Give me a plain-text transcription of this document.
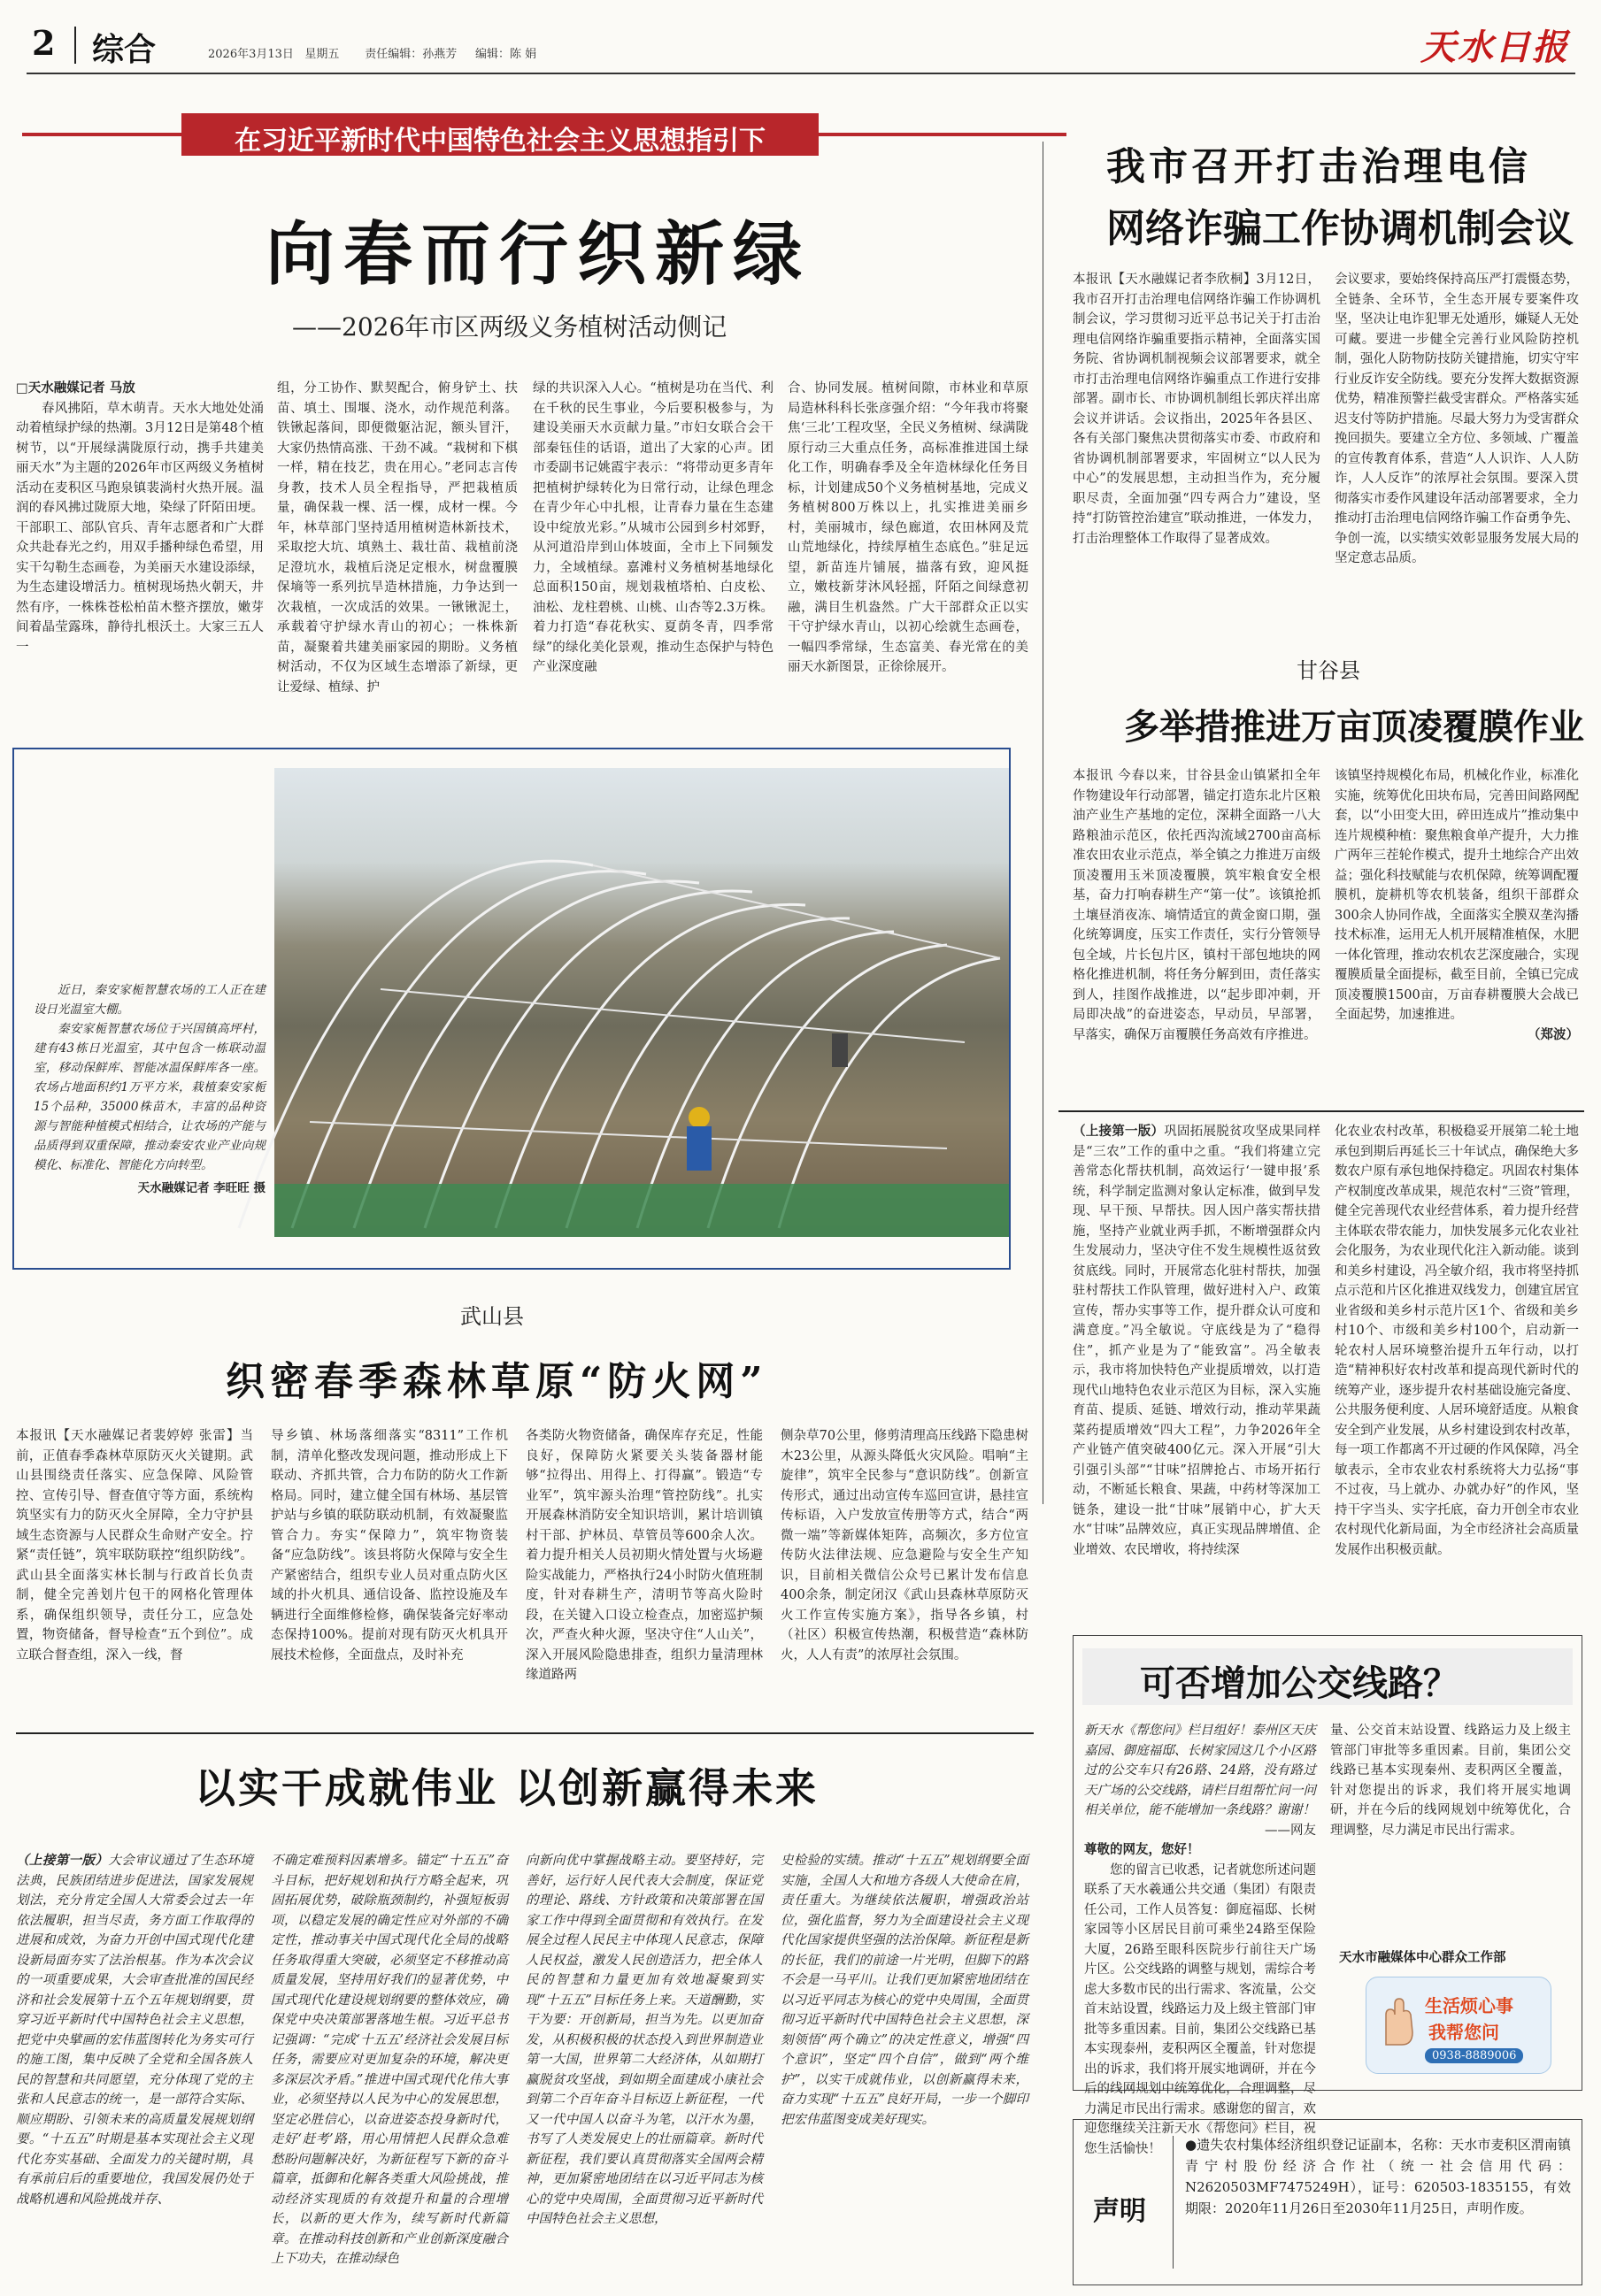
2 综合	2026年3月13日 星期五 责任编辑：孙燕芳 编辑：陈 娟	天水日报
在习近平新时代中国特色社会主义思想指引下
向春而行织新绿
——2026年市区两级义务植树活动侧记

□天水融媒记者 马放

春风拂陌，草木萌青。天水大地处处涌动着植绿护绿的热潮。3月12日是第48个植树节，以“开展绿满陇原行动，携手共建美丽天水”为主题的2026年市区两级义务植树活动在麦积区马跑泉镇裴淌村火热开展。温润的春风拂过陇原大地，染绿了阡陌田埂。干部职工、部队官兵、青年志愿者和广大群众共赴春光之约，用双手播种绿色希望，用实干勾勒生态画卷，为美丽天水建设添绿，为生态建设增活力。植树现场热火朝天，井然有序，一株株苍松柏苗木整齐摆放，嫩芽间着晶莹露珠，静待扎根沃土。大家三五人一

组，分工协作、默契配合，俯身铲土、扶苗、填土、围堰、浇水，动作规范利落。铁锹起落间，即便微躯沾泥，额头冒汗，大家仍热情高涨、干劲不减。“栽树和下棋一样，精在技艺，贵在用心。”老同志言传身教，技术人员全程指导，严把栽植质量，确保栽一棵、活一棵，成材一棵。今年，林草部门坚持适用植树造林新技术，采取挖大坑、填熟土、栽壮苗、栽植前浇足澄坑水，栽植后浇足定根水，树盘覆膜保墒等一系列抗旱造林措施，力争达到一次栽植，一次成活的效果。一锹锹泥土，承载着守护绿水青山的初心；一株株新苗，凝聚着共建美丽家园的期盼。义务植树活动，不仅为区域生态增添了新绿，更让爱绿、植绿、护

绿的共识深入人心。“植树是功在当代、利在千秋的民生事业，今后要积极参与，为建设美丽天水贡献力量。”市妇女联合会干部秦钰佳的话语，道出了大家的心声。团市委副书记姚霞宇表示：“将带动更多青年把植树护绿转化为日常行动，让绿色理念在青少年心中扎根，让青春力量在生态建设中绽放光彩。”从城市公园到乡村郊野，从河道沿岸到山体坡面，全市上下同频发力，全域植绿。嘉滩村义务植树基地绿化总面积150亩，规划栽植塔柏、白皮松、油松、龙柱碧桃、山桃、山杏等2.3万株。着力打造“春花秋实、夏荫冬青，四季常绿”的绿化美化景观，推动生态保护与特色产业深度融

合、协同发展。植树间隙，市林业和草原局造林科科长张彦强介绍：“今年我市将聚焦‘三北’工程攻坚，全民义务植树、绿满陇原行动三大重点任务，高标准推进国土绿化工作，明确春季及全年造林绿化任务目标，计划建成50个义务植树基地，完成义务植树800万株以上，扎实推进美丽乡村，美丽城市，绿色廊道，农田林网及荒山荒地绿化，持续厚植生态底色。”驻足远望，新苗连片铺展，描落有致，迎风挺立，嫩枝新芽沐风轻摇，阡陌之间绿意初融，满目生机盎然。广大干部群众正以实干守护绿水青山，以初心绘就生态画卷，一幅四季常绿，生态富美、春光常在的美丽天水新图景，正徐徐展开。

近日，秦安家栀智慧农场的工人正在建设日光温室大棚。

秦安家栀智慧农场位于兴国镇高坪村，建有43栋日光温室，其中包含一栋联动温室，移动保鲜库、智能冰温保鲜库各一座。农场占地面积约1万平方米，栽植秦安家栀15个品种，35000株苗木，丰富的品种资源与智能种植模式相结合，让农场的产能与品质得到双重保障，推动秦安农业产业向规模化、标准化、智能化方向转型。

天水融媒记者 李旺旺 摄

武山县
织密春季森林草原“防火网”

本报讯【天水融媒记者裴婷婷 张雷】当前，正值春季森林草原防灭火关键期。武山县围绕责任落实、应急保障、风险管控、宣传引导、督查值守等方面，系统构筑坚实有力的防灭火全屏障，全力守护县域生态资源与人民群众生命财产安全。拧紧“责任链”，筑牢联防联控“组织防线”。武山县全面落实林长制与行政首长负责制，健全完善划片包干的网格化管理体系，确保组织领导，责任分工，应急处置，物资储备，督导检查“五个到位”。成立联合督查组，深入一线，督

导乡镇、林场落细落实“8311”工作机制，清单化整改发现问题，推动形成上下联动、齐抓共管，合力布防的防火工作新格局。同时，建立健全国有林场、基层管护站与乡镇的联防联动机制，有效凝聚监管合力。夯实“保障力”，筑牢物资装备“应急防线”。该县将防火保障与安全生产紧密结合，组织专业人员对重点防火区域的扑火机具、通信设备、监控设施及车辆进行全面维修检修，确保装备完好率动态保持100%。提前对现有防灭火机具开展技术检修，全面盘点，及时补充

各类防火物资储备，确保库存充足，性能良好，保障防火紧要关头装备器材能够“拉得出、用得上、打得赢”。锻造“专业军”，筑牢源头治理“管控防线”。扎实开展森林消防安全知识培训，累计培训镇村干部、护林员、草管员等600余人次。着力提升相关人员初期火情处置与火场避险实战能力，严格执行24小时防火值班制度，针对春耕生产，清明节等高火险时段，在关键入口设立检查点，加密巡护频次，严查火种火源，坚决守住“人山关”，深入开展风险隐患排查，组织力量清理林缘道路两

侧杂草70公里，修剪清理高压线路下隐患树木23公里，从源头降低火灾风险。唱响“主旋律”，筑牢全民参与“意识防线”。创新宣传形式，通过出动宣传车巡回宣讲，悬挂宣传标语，入户发放宣传册等方式，结合“两微一端”等新媒体矩阵，高频次，多方位宣传防火法律法规、应急避险与安全生产知识，目前相关微信公众号已累计发布信息400余条，制定闭汉《武山县森林草原防灭火工作宣传实施方案》，指导各乡镇，村（社区）积极宣传热潮，积极营造“森林防火，人人有责”的浓厚社会氛围。

以实干成就伟业 以创新赢得未来

（上接第一版）大会审议通过了生态环境法典，民族团结进步促进法，国家发展规划法，充分肯定全国人大常委会过去一年依法履职，担当尽责，务方面工作取得的进展和成效，为奋力开创中国式现代化建设新局面夯实了法治根基。作为本次会议的一项重要成果，大会审查批准的国民经济和社会发展第十五个五年规划纲要，贯穿习近平新时代中国特色社会主义思想，把党中央擘画的宏伟蓝图转化为务实可行的施工图，集中反映了全党和全国各族人民的智慧和共同愿望，充分体现了党的主张和人民意志的统一，是一部符合实际、顺应期盼、引领未来的高质量发展规划纲要。“十五五”时期是基本实现社会主义现代化夯实基础、全面发力的关键时期，具有承前启后的重要地位，我国发展仍处于战略机遇和风险挑战并存、

不确定难预料因素增多。锚定“十五五”奋斗目标，把好规划和执行方略全起来，巩固拓展优势，破除瓶颈制约，补强短板弱项，以稳定发展的确定性应对外部的不确定性，推动事关中国式现代化全局的战略任务取得重大突破，必须坚定不移推动高质量发展，坚持用好我们的显著优势，中国式现代化建设规划纲要的整体效应，确保党中央决策部署落地生根。习近平总书记强调：“完成‘十五五’经济社会发展目标任务，需要应对更加复杂的环境，解决更多深层次矛盾。”推进中国式现代化伟大事业，必须坚持以人民为中心的发展思想，坚定必胜信心，以奋进姿态投身新时代，走好‘赶考’路，用心用情把人民群众急难愁盼问题解决好，为新征程写下新的奋斗篇章，抵御和化解各类重大风险挑战，推动经济实现质的有效提升和量的合理增长，以新的更大作为，续写新时代新篇章。在推动科技创新和产业创新深度融合上下功夫，在推动绿色

向新向优中掌握战略主动。要坚持好，完善好，运行好人民代表大会制度，保证党的理论、路线、方针政策和决策部署在国家工作中得到全面贯彻和有效执行。在发展全过程人民民主中体现人民意志，保障人民权益，激发人民创造活力，把全体人民的智慧和力量更加有效地凝聚到实现“十五五”目标任务上来。天道酬勤，实干为要：开创新局，担当为先。以更加奋发，从积极积极的状态投入到世界制造业第一大国，世界第二大经济体，从如期打赢脱贫攻坚战，到如期全面建成小康社会到第二个百年奋斗目标迈上新征程，一代又一代中国人以奋斗为笔，以汗水为墨，书写了人类发展史上的壮丽篇章。新时代新征程，我们要认真贯彻落实全国两会精神，更加紧密地团结在以习近平同志为核心的党中央周围，全面贯彻习近平新时代中国特色社会主义思想，

史检验的实绩。推动“十五五”规划纲要全面实施，全国人大和地方各级人大使命在肩，责任重大。为继续依法履职，增强政治站位，强化监督，努力为全面建设社会主义现代化国家提供坚强的法治保障。新征程是新的长征，我们的前途一片光明，但脚下的路不会是一马平川。让我们更加紧密地团结在以习近平同志为核心的党中央周围，全面贯彻习近平新时代中国特色社会主义思想，深刻领悟“两个确立”的决定性意义，增强“四个意识”，坚定“四个自信”，做到“两个维护”，以实干成就伟业，以创新赢得未来，奋力实现“十五五”良好开局，一步一个脚印把宏伟蓝图变成美好现实。

我市召开打击治理电信
网络诈骗工作协调机制会议

本报讯【天水融媒记者李欣桐】3月12日，我市召开打击治理电信网络诈骗工作协调机制会议，学习贯彻习近平总书记关于打击治理电信网络诈骗重要指示精神，全面落实国务院、省协调机制视频会议部署要求，就全市打击治理电信网络诈骗重点工作进行安排部署。副市长、市协调机制组长郭庆祥出席会议并讲话。会议指出，2025年各县区、各有关部门聚焦决贯彻落实市委、市政府和省协调机制部署要求，牢固树立“以人民为中心”的发展思想，主动担当作为，充分履职尽责，全面加强“四专两合力”建设，坚持“打防管控治建宣”联动推进，一体发力，打击治理整体工作取得了显著成效。

会议要求，要始终保持高压严打震慑态势，全链条、全环节，全生态开展专要案件攻坚，坚决让电诈犯罪无处遁形，嫌疑人无处可藏。要进一步健全完善行业风险防控机制，强化人防物防技防关键措施，切实守牢行业反诈安全防线。要充分发挥大数据资源优势，精准预警拦截受害群众。严格落实延迟支付等防护措施。尽最大努力为受害群众挽回损失。要建立全方位、多领域、广覆盖的宣传教育体系，营造“人人识诈、人人防诈，人人反诈”的浓厚社会氛围。要深入贯彻落实市委作风建设年活动部署要求，全力推动打击治理电信网络诈骗工作奋勇争先、争创一流，以实绩实效彰显服务发展大局的坚定意志品质。

甘谷县
多举措推进万亩顶凌覆膜作业

本报讯 今春以来，甘谷县金山镇紧扣全年作物建设年行动部署，锚定打造东北片区粮油产业生产基地的定位，深耕全面路一八大路粮油示范区，依托西沟流域2700亩高标准农田农业示范点，举全镇之力推进万亩级顶凌覆用玉米顶凌覆膜，筑牢粮食安全根基，奋力打响春耕生产“第一仗”。该镇抢抓土壤昼消夜冻、墒情适宜的黄金窗口期，强化统筹调度，压实工作责任，实行分管领导包全域，片长包片区，镇村干部包地块的网格化推进机制，将任务分解到田，责任落实到人，挂图作战推进，以“起步即冲刺，开局即决战”的奋进姿态，早动员，早部署，早落实，确保万亩覆膜任务高效有序推进。

该镇坚持规模化布局，机械化作业，标准化实施，统筹优化田块布局，完善田间路网配套，以“小田变大田，碎田连成片”推动集中连片规模种植：聚焦粮食单产提升，大力推广两年三茬轮作模式，提升土地综合产出效益；强化科技赋能与农机保障，统筹调配覆膜机，旋耕机等农机装备，组织干部群众300余人协同作战，全面落实全膜双垄沟播技术标准，运用无人机开展精准植保，水肥一体化管理，推动农机农艺深度融合，实现覆膜质量全面提标，截至目前，全镇已完成顶凌覆膜1500亩，万亩春耕覆膜大会战已全面起势，加速推进。

（郑波）

（上接第一版）巩固拓展脱贫攻坚成果同样是“三农”工作的重中之重。“我们将建立完善常态化帮扶机制，高效运行‘一键申报’系统，科学制定监测对象认定标准，做到早发现、早干预、早帮扶。因人因户落实帮扶措施，坚持产业就业两手抓，不断增强群众内生发展动力，坚决守住不发生规模性返贫致贫底线。同时，开展常态化驻村帮扶，加强驻村帮扶工作队管理，做好进村入户、政策宣传，帮办实事等工作，提升群众认可度和满意度。”冯全敏说。守底线是为了“稳得住”，抓产业是为了“能致富”。冯全敏表示，我市将加快特色产业提质增效，以打造现代山地特色农业示范区为目标，深入实施育苗、提质、延链、增效行动，推动苹果蔬菜药提质增效“四大工程”，力争2026年全产业链产值突破400亿元。深入开展“引大引强引头部”“甘味”招牌抢占、市场开拓行动，不断延长粮食、果蔬，中药材等深加工链条，建设一批“甘味”展销中心，扩大天水“甘味”品牌效应，真正实现品牌增值、企业增效、农民增收，将持续深

化农业农村改革，积极稳妥开展第二轮土地承包到期后再延长三十年试点，确保绝大多数农户原有承包地保持稳定。巩固农村集体产权制度改革成果，规范农村“三资”管理，健全完善现代农业经营体系，着力提升经营主体联农带农能力，加快发展多元化农业社会化服务，为农业现代化注入新动能。谈到和美乡村建设，冯全敏介绍，我市将坚持抓点示范和片区化推进双线发力，创建宜居宜业省级和美乡村示范片区1个、省级和美乡村10个、市级和美乡村100个，启动新一轮农村人居环境整治提升五年行动，以打造“精神积好农村改革和提高现代新时代的统筹产业，逐步提升农村基础设施完备度、公共服务便利度、人居环境舒适度。从粮食安全到产业发展，从乡村建设到农村改革，每一项工作都离不开过硬的作风保障，冯全敏表示，全市农业农村系统将大力弘扬“事不过夜，马上就办、办就办好”的作风，坚持干字当头、实字托底，奋力开创全市农业农村现代化新局面，为全市经济社会高质量发展作出积极贡献。

可否增加公交线路？

新天水《帮您问》栏目组好！泰州区天庆嘉园、御庭福邸、长树家园这几个小区路过的公交车只有26路、24路，没有路过天广场的公交线路，请栏目组帮忙问一问相关单位，能不能增加一条线路？谢谢！

——网友

尊敬的网友，您好！

您的留言已收悉，记者就您所述问题联系了天水羲通公共交通（集团）有限责任公司，工作人员答复：御庭福邸、长树家园等小区居民目前可乘坐24路至保险大厦，26路至眼科医院步行前往天广场片区。公交线路的调整与规划，需综合考虑大多数市民的出行需求、客流量，公交首末站设置，线路运力及上级主管部门审批等多重因素。目前，集团公交线路已基本实现泰州，麦积两区全覆盖，针对您提出的诉求，我们将开展实地调研，并在今后的线网规划中统筹优化，合理调整，尽力满足市民出行需求。感谢您的留言，欢迎您继续关注新天水《帮您问》栏目，祝您生活愉快！

量、公交首末站设置、线路运力及上级主管部门审批等多重因素。目前，集团公交线路已基本实现秦州、麦积两区全覆盖，针对您提出的诉求，我们将开展实地调研，并在今后的线网规划中统筹优化，合理调整，尽力满足市民出行需求。

天水市融媒体中心群众工作部
生活烦心事
我帮您问
0938-8889006
声明

●遗失农村集体经济组织登记证副本，名称：天水市麦积区渭南镇青宁村股份经济合作社（统一社会信用代码：N2620503MF7475249H），证号：620503-1835155，有效期限：2020年11月26日至2030年11月25日，声明作废。
